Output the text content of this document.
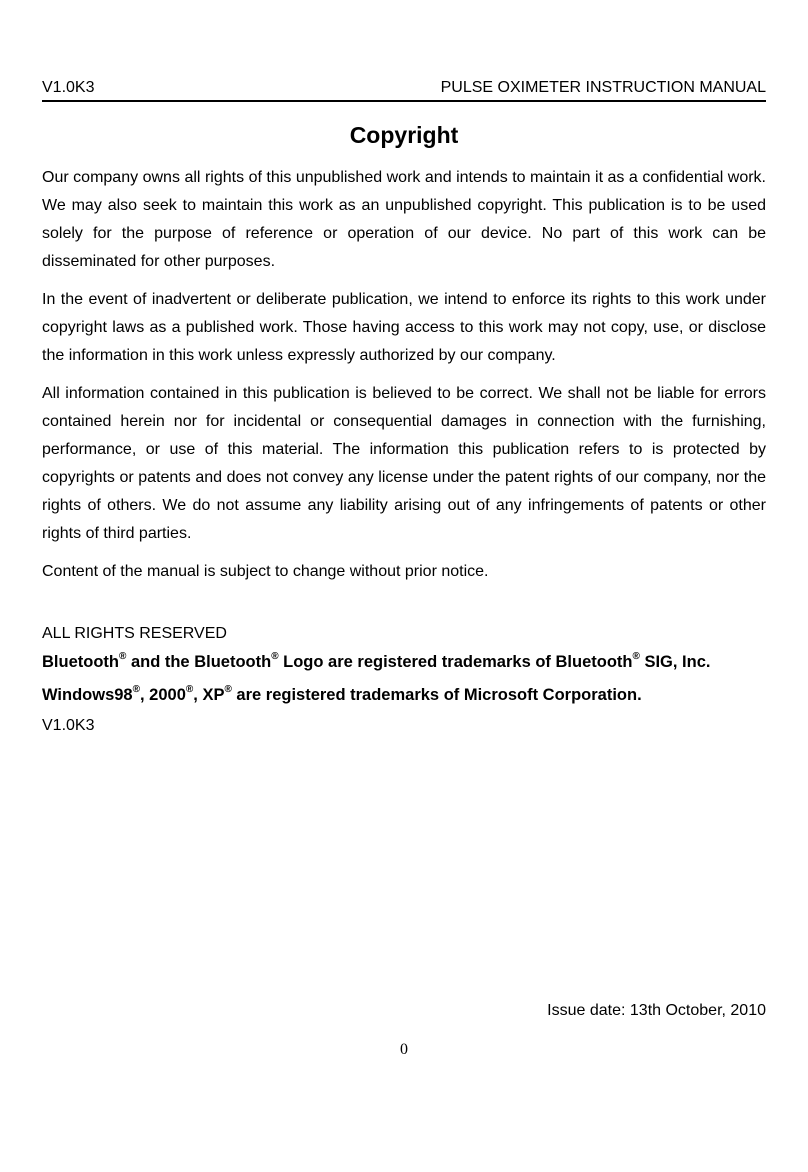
V1.0K3	PULSE OXIMETER INSTRUCTION MANUAL
Copyright

Our company owns all rights of this unpublished work and intends to maintain it as a confidential work. We may also seek to maintain this work as an unpublished copyright. This publication is to be used solely for the purpose of reference or operation of our device. No part of this work can be disseminated for other purposes.

In the event of inadvertent or deliberate publication, we intend to enforce its rights to this work under copyright laws as a published work. Those having access to this work may not copy, use, or disclose the information in this work unless expressly authorized by our company.

All information contained in this publication is believed to be correct. We shall not be liable for errors contained herein nor for incidental or consequential damages in connection with the furnishing, performance, or use of this material. The information this publication refers to is protected by copyrights or patents and does not convey any license under the patent rights of our company, nor the rights of others. We do not assume any liability arising out of any infringements of patents or other rights of third parties.

Content of the manual is subject to change without prior notice.

ALL RIGHTS RESERVED

Bluetooth® and the Bluetooth® Logo are registered trademarks of Bluetooth® SIG, Inc.

Windows98®, 2000®, XP® are registered trademarks of Microsoft Corporation.

V1.0K3

Issue date: 13th October, 2010
0
